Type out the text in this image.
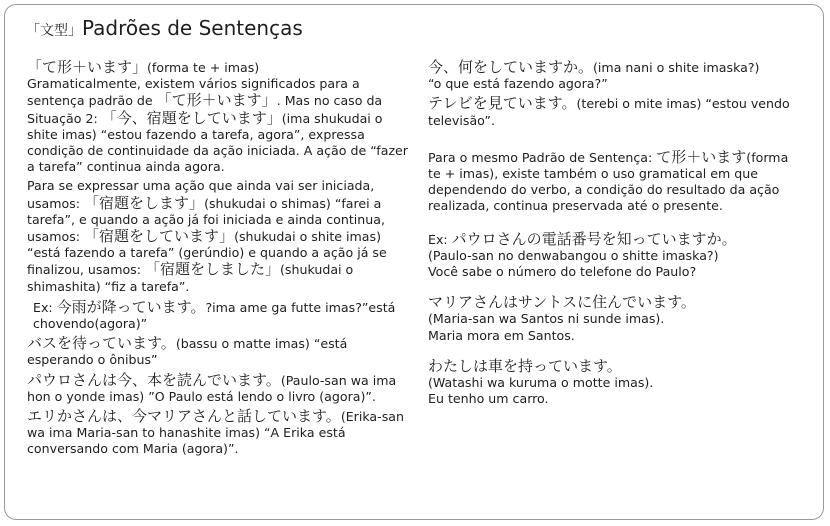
「文型」Padrões de Sentenças

「て形＋います」(forma te + imas)

Gramaticalmente, existem vários significados para a sentença padrão de 「て形＋います」. Mas no caso da Situação 2: 「今、宿題をしています」(ima shukudai o shite imas) “estou fazendo a tarefa, agora”, expressa condição de continuidade da ação iniciada. A ação de “fazer a tarefa” continua ainda agora.

Para se expressar uma ação que ainda vai ser iniciada, usamos: 「宿題をします」(shukudai o shimas) “farei a tarefa”, e quando a ação já foi iniciada e ainda continua, usamos: 「宿題をしています」(shukudai o shite imas) “está fazendo a tarefa” (gerúndio) e quando a ação já se finalizou, usamos: 「宿題をしました」(shukudai o shimashita) “fiz a tarefa”.

Ex: 今雨が降っています。?ima ame ga futte imas?”está chovendo(agora)”

バスを待っています。(bassu o matte imas) “está esperando o ônibus”

パウロさんは今、本を読んでいます。(Paulo-san wa ima hon o yonde imas) ”O Paulo está lendo o livro (agora)”.

エリかさんは、今マリアさんと話しています。(Erika-san wa ima Maria-san to hanashite imas) “A Erika está conversando com Maria (agora)”.

今、何をしていますか。(ima nani o shite imaska?)

“o que está fazendo agora?”

テレビを見ています。(terebi o mite imas) “estou vendo televisão”.

Para o mesmo Padrão de Sentença: て形＋います(forma te + imas), existe também o uso gramatical em que dependendo do verbo, a condição do resultado da ação realizada, continua preservada até o presente.

Ex: パウロさんの電話番号を知っていますか。

(Paulo-san no denwabangou o shitte imaska?)

Você sabe o número do telefone do Paulo?

マリアさんはサントスに住んでいます。

(Maria-san wa Santos ni sunde imas).

Maria mora em Santos.

わたしは車を持っています。

(Watashi wa kuruma o motte imas).

Eu tenho um carro.
